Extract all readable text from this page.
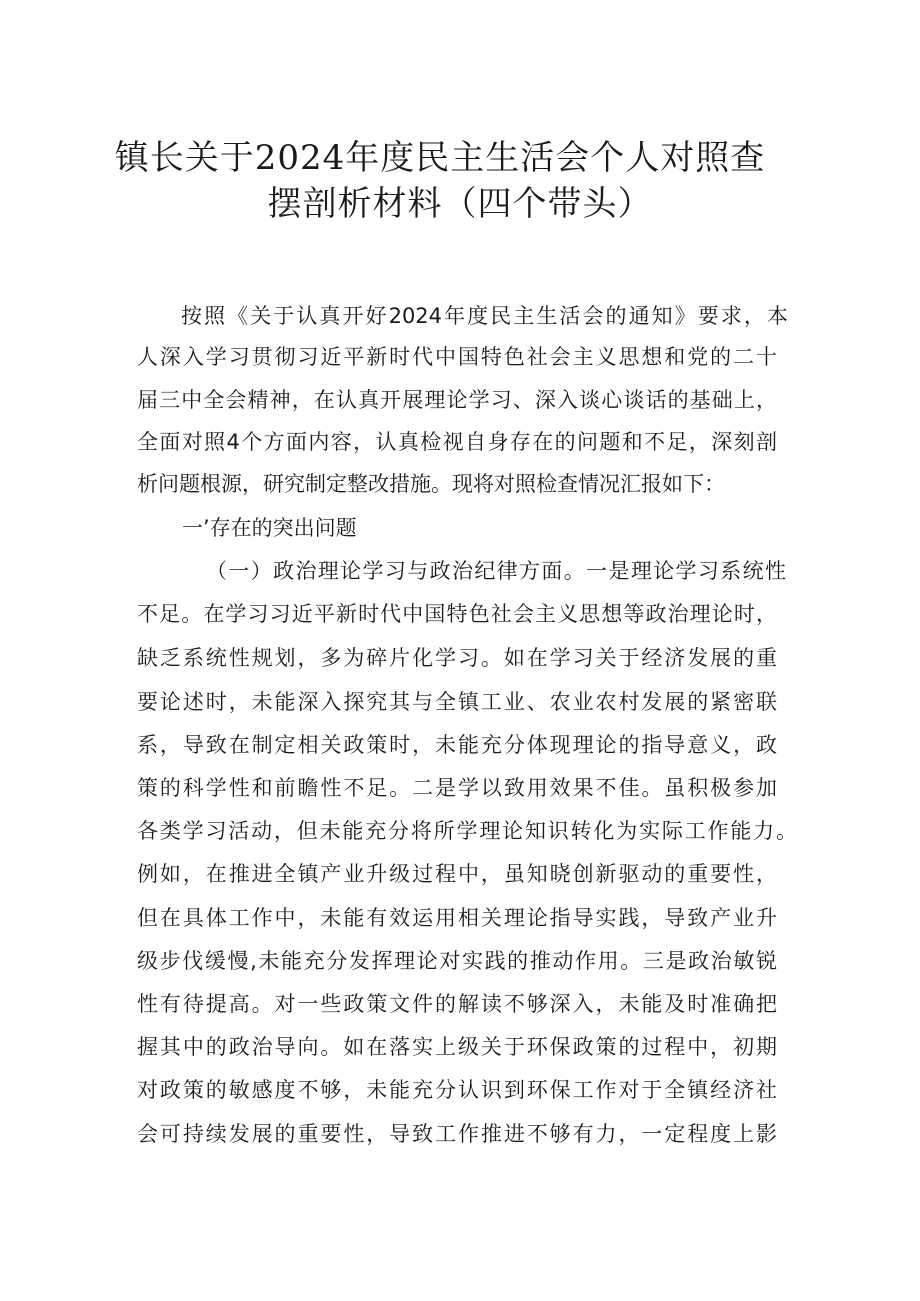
镇长关于2024年度民主生活会个人对照查
摆剖析材料（四个带头）
按照《关于认真开好2024年度民主生活会的通知》要求，本
人深入学习贯彻习近平新时代中国特色社会主义思想和党的二十
届三中全会精神，在认真开展理论学习、深入谈心谈话的基础上，
全面对照4个方面内容，认真检视自身存在的问题和不足，深刻剖
析问题根源，研究制定整改措施。现将对照检查情况汇报如下：
一’存在的突出问题
（一）政治理论学习与政治纪律方面。一是理论学习系统性
不足。在学习习近平新时代中国特色社会主义思想等政治理论时，
缺乏系统性规划，多为碎片化学习。如在学习关于经济发展的重
要论述时，未能深入探究其与全镇工业、农业农村发展的紧密联
系，导致在制定相关政策时，未能充分体现理论的指导意义，政
策的科学性和前瞻性不足。二是学以致用效果不佳。虽积极参加
各类学习活动，但未能充分将所学理论知识转化为实际工作能力。
例如，在推进全镇产业升级过程中，虽知晓创新驱动的重要性，
但在具体工作中，未能有效运用相关理论指导实践，导致产业升
级步伐缓慢,未能充分发挥理论对实践的推动作用。三是政治敏锐
性有待提高。对一些政策文件的解读不够深入，未能及时准确把
握其中的政治导向。如在落实上级关于环保政策的过程中，初期
对政策的敏感度不够，未能充分认识到环保工作对于全镇经济社
会可持续发展的重要性，导致工作推进不够有力，一定程度上影
